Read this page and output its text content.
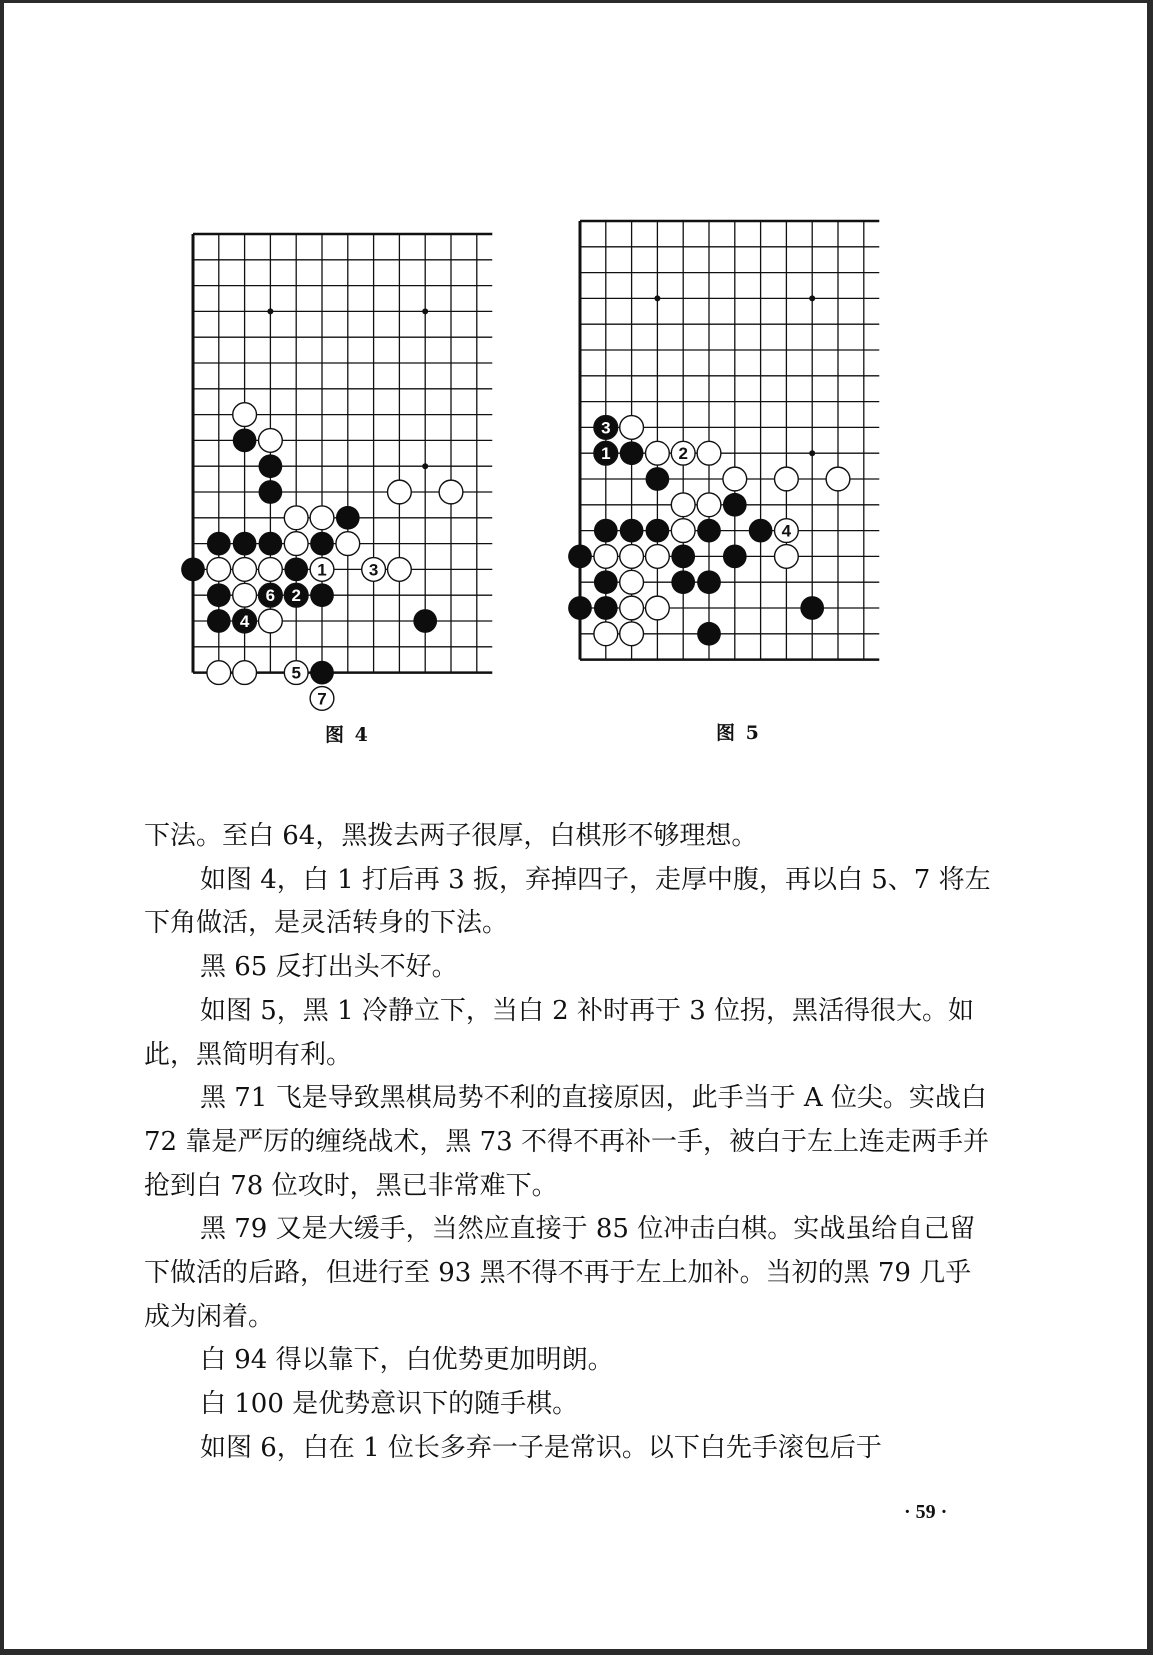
1
2
3
4
5
6
7
图 4
1	2
3
4
图 5

下法。至白 64，黑拨去两子很厚，白棋形不够理想。

如图 4，白 1 打后再 3 扳，弃掉四子，走厚中腹，再以白 5、7 将左下角做活，是灵活转身的下法。

黑 65 反打出头不好。

如图 5，黑 1 冷静立下，当白 2 补时再于 3 位拐，黑活得很大。如此，黑简明有利。

黑 71 飞是导致黑棋局势不利的直接原因，此手当于 A 位尖。实战白 72 靠是严厉的缠绕战术，黑 73 不得不再补一手，被白于左上连走两手并抢到白 78 位攻时，黑已非常难下。

黑 79 又是大缓手，当然应直接于 85 位冲击白棋。实战虽给自己留下做活的后路，但进行至 93 黑不得不再于左上加补。当初的黑 79 几乎成为闲着。

白 94 得以靠下，白优势更加明朗。

白 100 是优势意识下的随手棋。

如图 6，白在 1 位长多弃一子是常识。以下白先手滚包后于

· 59 ·
